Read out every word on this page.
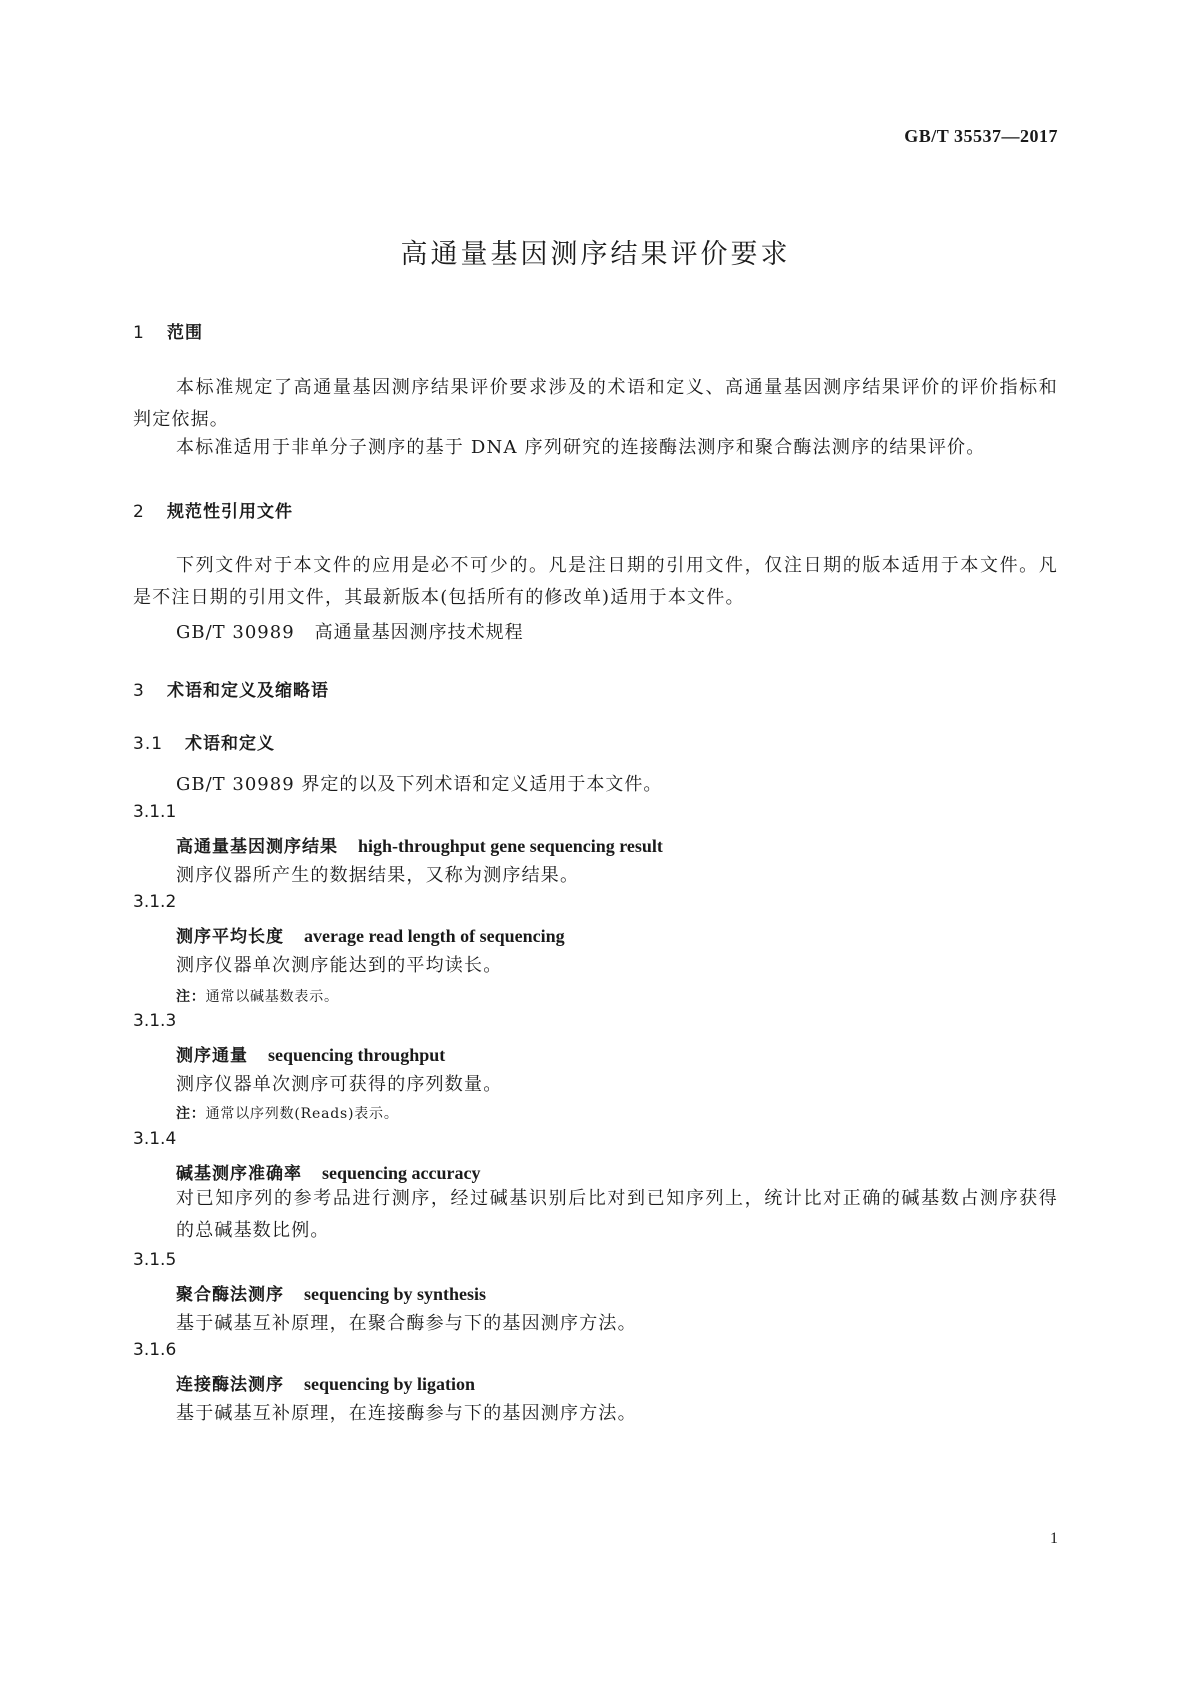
GB/T 35537—2017
高通量基因测序结果评价要求
1 范围
本标准规定了高通量基因测序结果评价要求涉及的术语和定义、高通量基因测序结果评价的评价指标和判定依据。
本标准适用于非单分子测序的基于 DNA 序列研究的连接酶法测序和聚合酶法测序的结果评价。
2 规范性引用文件
下列文件对于本文件的应用是必不可少的。凡是注日期的引用文件，仅注日期的版本适用于本文件。凡是不注日期的引用文件，其最新版本(包括所有的修改单)适用于本文件。
GB/T 30989 高通量基因测序技术规程
3 术语和定义及缩略语
3.1 术语和定义
GB/T 30989 界定的以及下列术语和定义适用于本文件。
3.1.1
高通量基因测序结果 high-throughput gene sequencing result
测序仪器所产生的数据结果，又称为测序结果。
3.1.2
测序平均长度 average read length of sequencing
测序仪器单次测序能达到的平均读长。
注：通常以碱基数表示。
3.1.3
测序通量 sequencing throughput
测序仪器单次测序可获得的序列数量。
注：通常以序列数(Reads)表示。
3.1.4
碱基测序准确率 sequencing accuracy
对已知序列的参考品进行测序，经过碱基识别后比对到已知序列上，统计比对正确的碱基数占测序获得的总碱基数比例。
3.1.5
聚合酶法测序 sequencing by synthesis
基于碱基互补原理，在聚合酶参与下的基因测序方法。
3.1.6
连接酶法测序 sequencing by ligation
基于碱基互补原理，在连接酶参与下的基因测序方法。
1
